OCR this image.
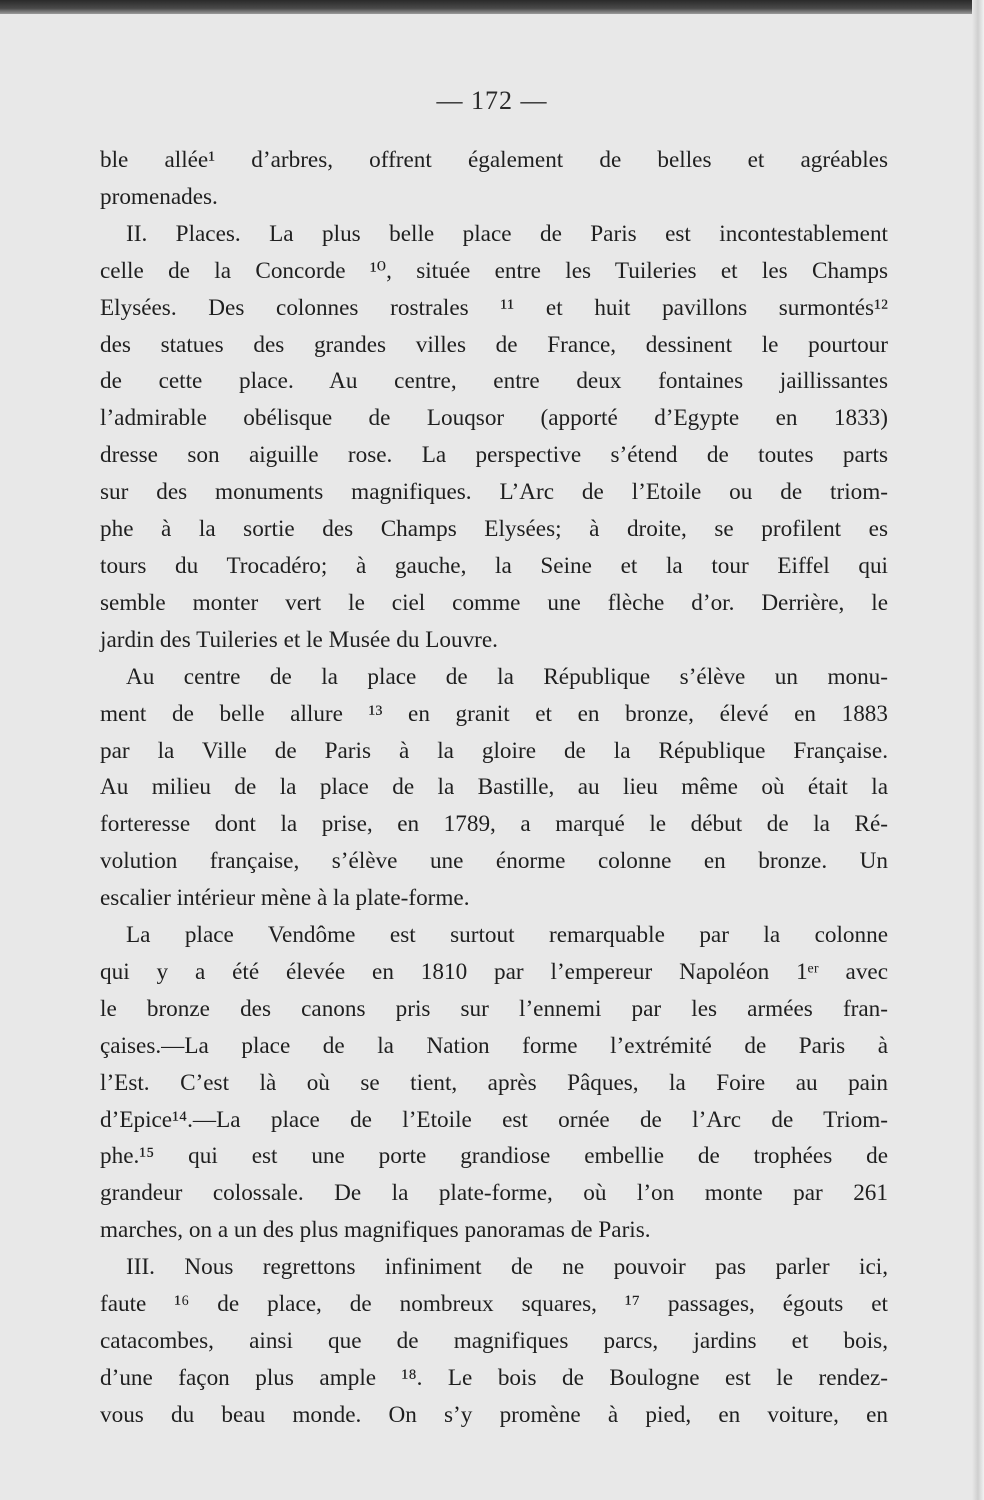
— 172 —
ble allée¹ d’arbres, offrent également de belles et agréables
promenades.
II. Places. La plus belle place de Paris est incontestablement
celle de la Concorde ¹⁰, située entre les Tuileries et les Champs
Elysées. Des colonnes rostrales ¹¹ et huit pavillons surmontés¹²
des statues des grandes villes de France, dessinent le pourtour
de cette place. Au centre, entre deux fontaines jaillissantes
l’admirable obélisque de Louqsor (apporté d’Egypte en 1833)
dresse son aiguille rose. La perspective s’étend de toutes parts
sur des monuments magnifiques. L’Arc de l’Etoile ou de triom-
phe à la sortie des Champs Elysées; à droite, se profilent es
tours du Trocadéro; à gauche, la Seine et la tour Eiffel qui
semble monter vert le ciel comme une flèche d’or. Derrière, le
jardin des Tuileries et le Musée du Louvre.
Au centre de la place de la République s’élève un monu-
ment de belle allure ¹³ en granit et en bronze, élevé en 1883
par la Ville de Paris à la gloire de la République Française.
Au milieu de la place de la Bastille, au lieu même où était la
forteresse dont la prise, en 1789, a marqué le début de la Ré-
volution française, s’élève une énorme colonne en bronze. Un
escalier intérieur mène à la plate-forme.
La place Vendôme est surtout remarquable par la colonne
qui y a été élevée en 1810 par l’empereur Napoléon 1ᵉʳ avec
le bronze des canons pris sur l’ennemi par les armées fran-
çaises.—La place de la Nation forme l’extrémité de Paris à
l’Est. C’est là où se tient, après Pâques, la Foire au pain
d’Epice¹⁴.—La place de l’Etoile est ornée de l’Arc de Triom-
phe.¹⁵ qui est une porte grandiose embellie de trophées de
grandeur colossale. De la plate-forme, où l’on monte par 261
marches, on a un des plus magnifiques panoramas de Paris.
III. Nous regrettons infiniment de ne pouvoir pas parler ici,
faute ¹⁶ de place, de nombreux squares, ¹⁷ passages, égouts et
catacombes, ainsi que de magnifiques parcs, jardins et bois,
d’une façon plus ample ¹⁸. Le bois de Boulogne est le rendez-
vous du beau monde. On s’y promène à pied, en voiture, en
